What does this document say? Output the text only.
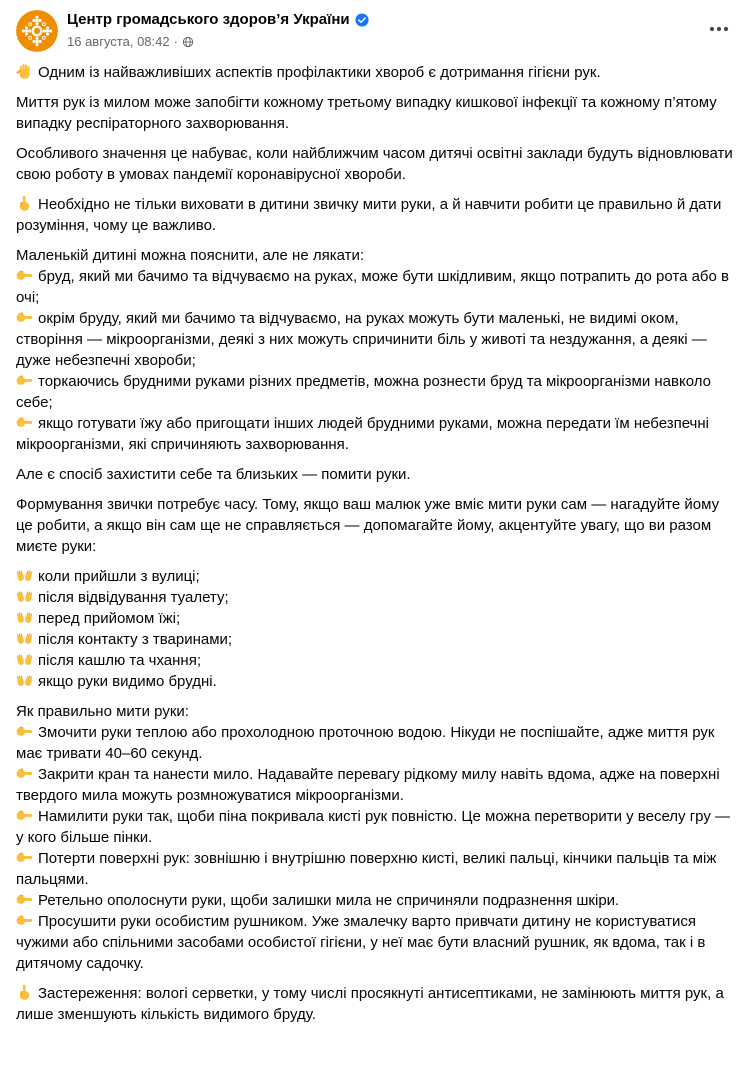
Центр громадського здоров’я України
16 августа, 08:42 ·
Одним із найважливіших аспектів профілактики хвороб є дотримання гігієни рук.
Миття рук із милом може запобігти кожному третьому випадку кишкової інфекції та кожному п’ятому випадку респіраторного захворювання.
Особливого значення це набуває, коли найближчим часом дитячі освітні заклади будуть відновлювати свою роботу в умовах пандемії коронавірусної хвороби.
Необхідно не тільки виховати в дитини звичку мити руки, а й навчити робити це правильно й дати розуміння, чому це важливо.
Маленькій дитині можна пояснити, але не лякати:
бруд, який ми бачимо та відчуваємо на руках, може бути шкідливим, якщо потрапить до рота або в очі;
окрім бруду, який ми бачимо та відчуваємо, на руках можуть бути маленькі, не видимі оком, створіння — мікроорганізми, деякі з них можуть спричинити біль у животі та нездужання, а деякі — дуже небезпечні хвороби;
торкаючись брудними руками різних предметів, можна рознести бруд та мікроорганізми навколо себе;
якщо готувати їжу або пригощати інших людей брудними руками, можна передати їм небезпечні мікроорганізми, які спричиняють захворювання.
Але є спосіб захистити себе та близьких — помити руки.
Формування звички потребує часу. Тому, якщо ваш малюк уже вміє мити руки сам — нагадуйте йому це робити, а якщо він сам ще не справляється — допомагайте йому, акцентуйте увагу, що ви разом миєте руки:
коли прийшли з вулиці;
після відвідування туалету;
перед прийомом їжі;
після контакту з тваринами;
після кашлю та чхання;
якщо руки видимо брудні.
Як правильно мити руки:
Змочити руки теплою або прохолодною проточною водою. Нікуди не поспішайте, адже миття рук має тривати 40–60 секунд.
Закрити кран та нанести мило. Надавайте перевагу рідкому милу навіть вдома, адже на поверхні твердого мила можуть розмножуватися мікроорганізми.
Намилити руки так, щоби піна покривала кисті рук повністю. Це можна перетворити у веселу гру — у кого більше пінки.
Потерти поверхні рук: зовнішню і внутрішню поверхню кисті, великі пальці, кінчики пальців та між пальцями.
Ретельно ополоснути руки, щоби залишки мила не спричиняли подразнення шкіри.
Просушити руки особистим рушником. Уже змалечку варто привчати дитину не користуватися чужими або спільними засобами особистої гігієни, у неї має бути власний рушник, як вдома, так і в дитячому садочку.
Застереження: вологі серветки, у тому числі просякнуті антисептиками, не замінюють миття рук, а лише зменшують кількість видимого бруду.
